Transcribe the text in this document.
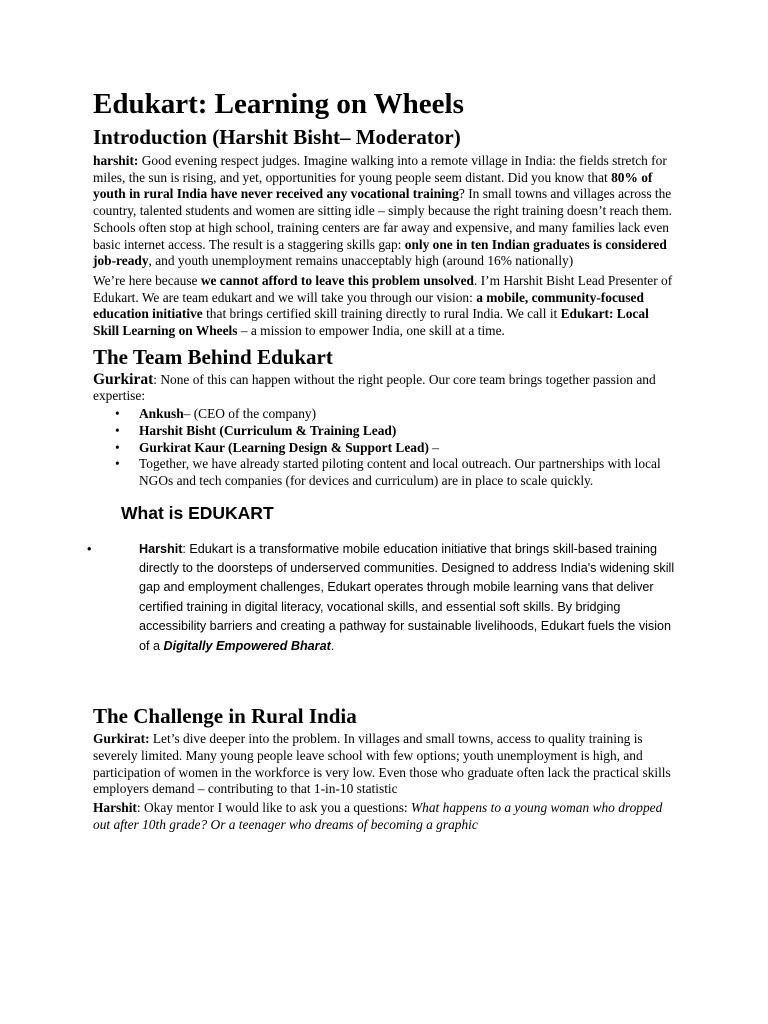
Edukart: Learning on Wheels
Introduction (Harshit Bisht– Moderator)

harshit: Good evening respect judges. Imagine walking into a remote village in India: the fields stretch for miles, the sun is rising, and yet, opportunities for young people seem distant. Did you know that 80% of youth in rural India have never received any vocational training? In small towns and villages across the country, talented students and women are sitting idle – simply because the right training doesn’t reach them. Schools often stop at high school, training centers are far away and expensive, and many families lack even basic internet access. The result is a staggering skills gap: only one in ten Indian graduates is considered job-ready, and youth unemployment remains unacceptably high (around 16% nationally)

We’re here because we cannot afford to leave this problem unsolved. I’m Harshit Bisht Lead Presenter of Edukart. We are team edukart and we will take you through our vision: a mobile, community-focused education initiative that brings certified skill training directly to rural India. We call it Edukart: Local Skill Learning on Wheels – a mission to empower India, one skill at a time.

The Team Behind Edukart

Gurkirat: None of this can happen without the right people. Our core team brings together passion and expertise:

• Ankush– (CEO of the company)
• Harshit Bisht (Curriculum & Training Lead)
• Gurkirat Kaur (Learning Design & Support Lead) –
• Together, we have already started piloting content and local outreach. Our partnerships with local NGOs and tech companies (for devices and curriculum) are in place to scale quickly.
What is EDUKART
• Harshit: Edukart is a transformative mobile education initiative that brings skill-based training directly to the doorsteps of underserved communities. Designed to address India's widening skill gap and employment challenges, Edukart operates through mobile learning vans that deliver certified training in digital literacy, vocational skills, and essential soft skills. By bridging accessibility barriers and creating a pathway for sustainable livelihoods, Edukart fuels the vision of a Digitally Empowered Bharat.
The Challenge in Rural India

Gurkirat: Let’s dive deeper into the problem. In villages and small towns, access to quality training is severely limited. Many young people leave school with few options; youth unemployment is high, and participation of women in the workforce is very low. Even those who graduate often lack the practical skills employers demand – contributing to that 1-in-10 statistic

Harshit: Okay mentor I would like to ask you a questions: What happens to a young woman who dropped out after 10th grade? Or a teenager who dreams of becoming a graphic
